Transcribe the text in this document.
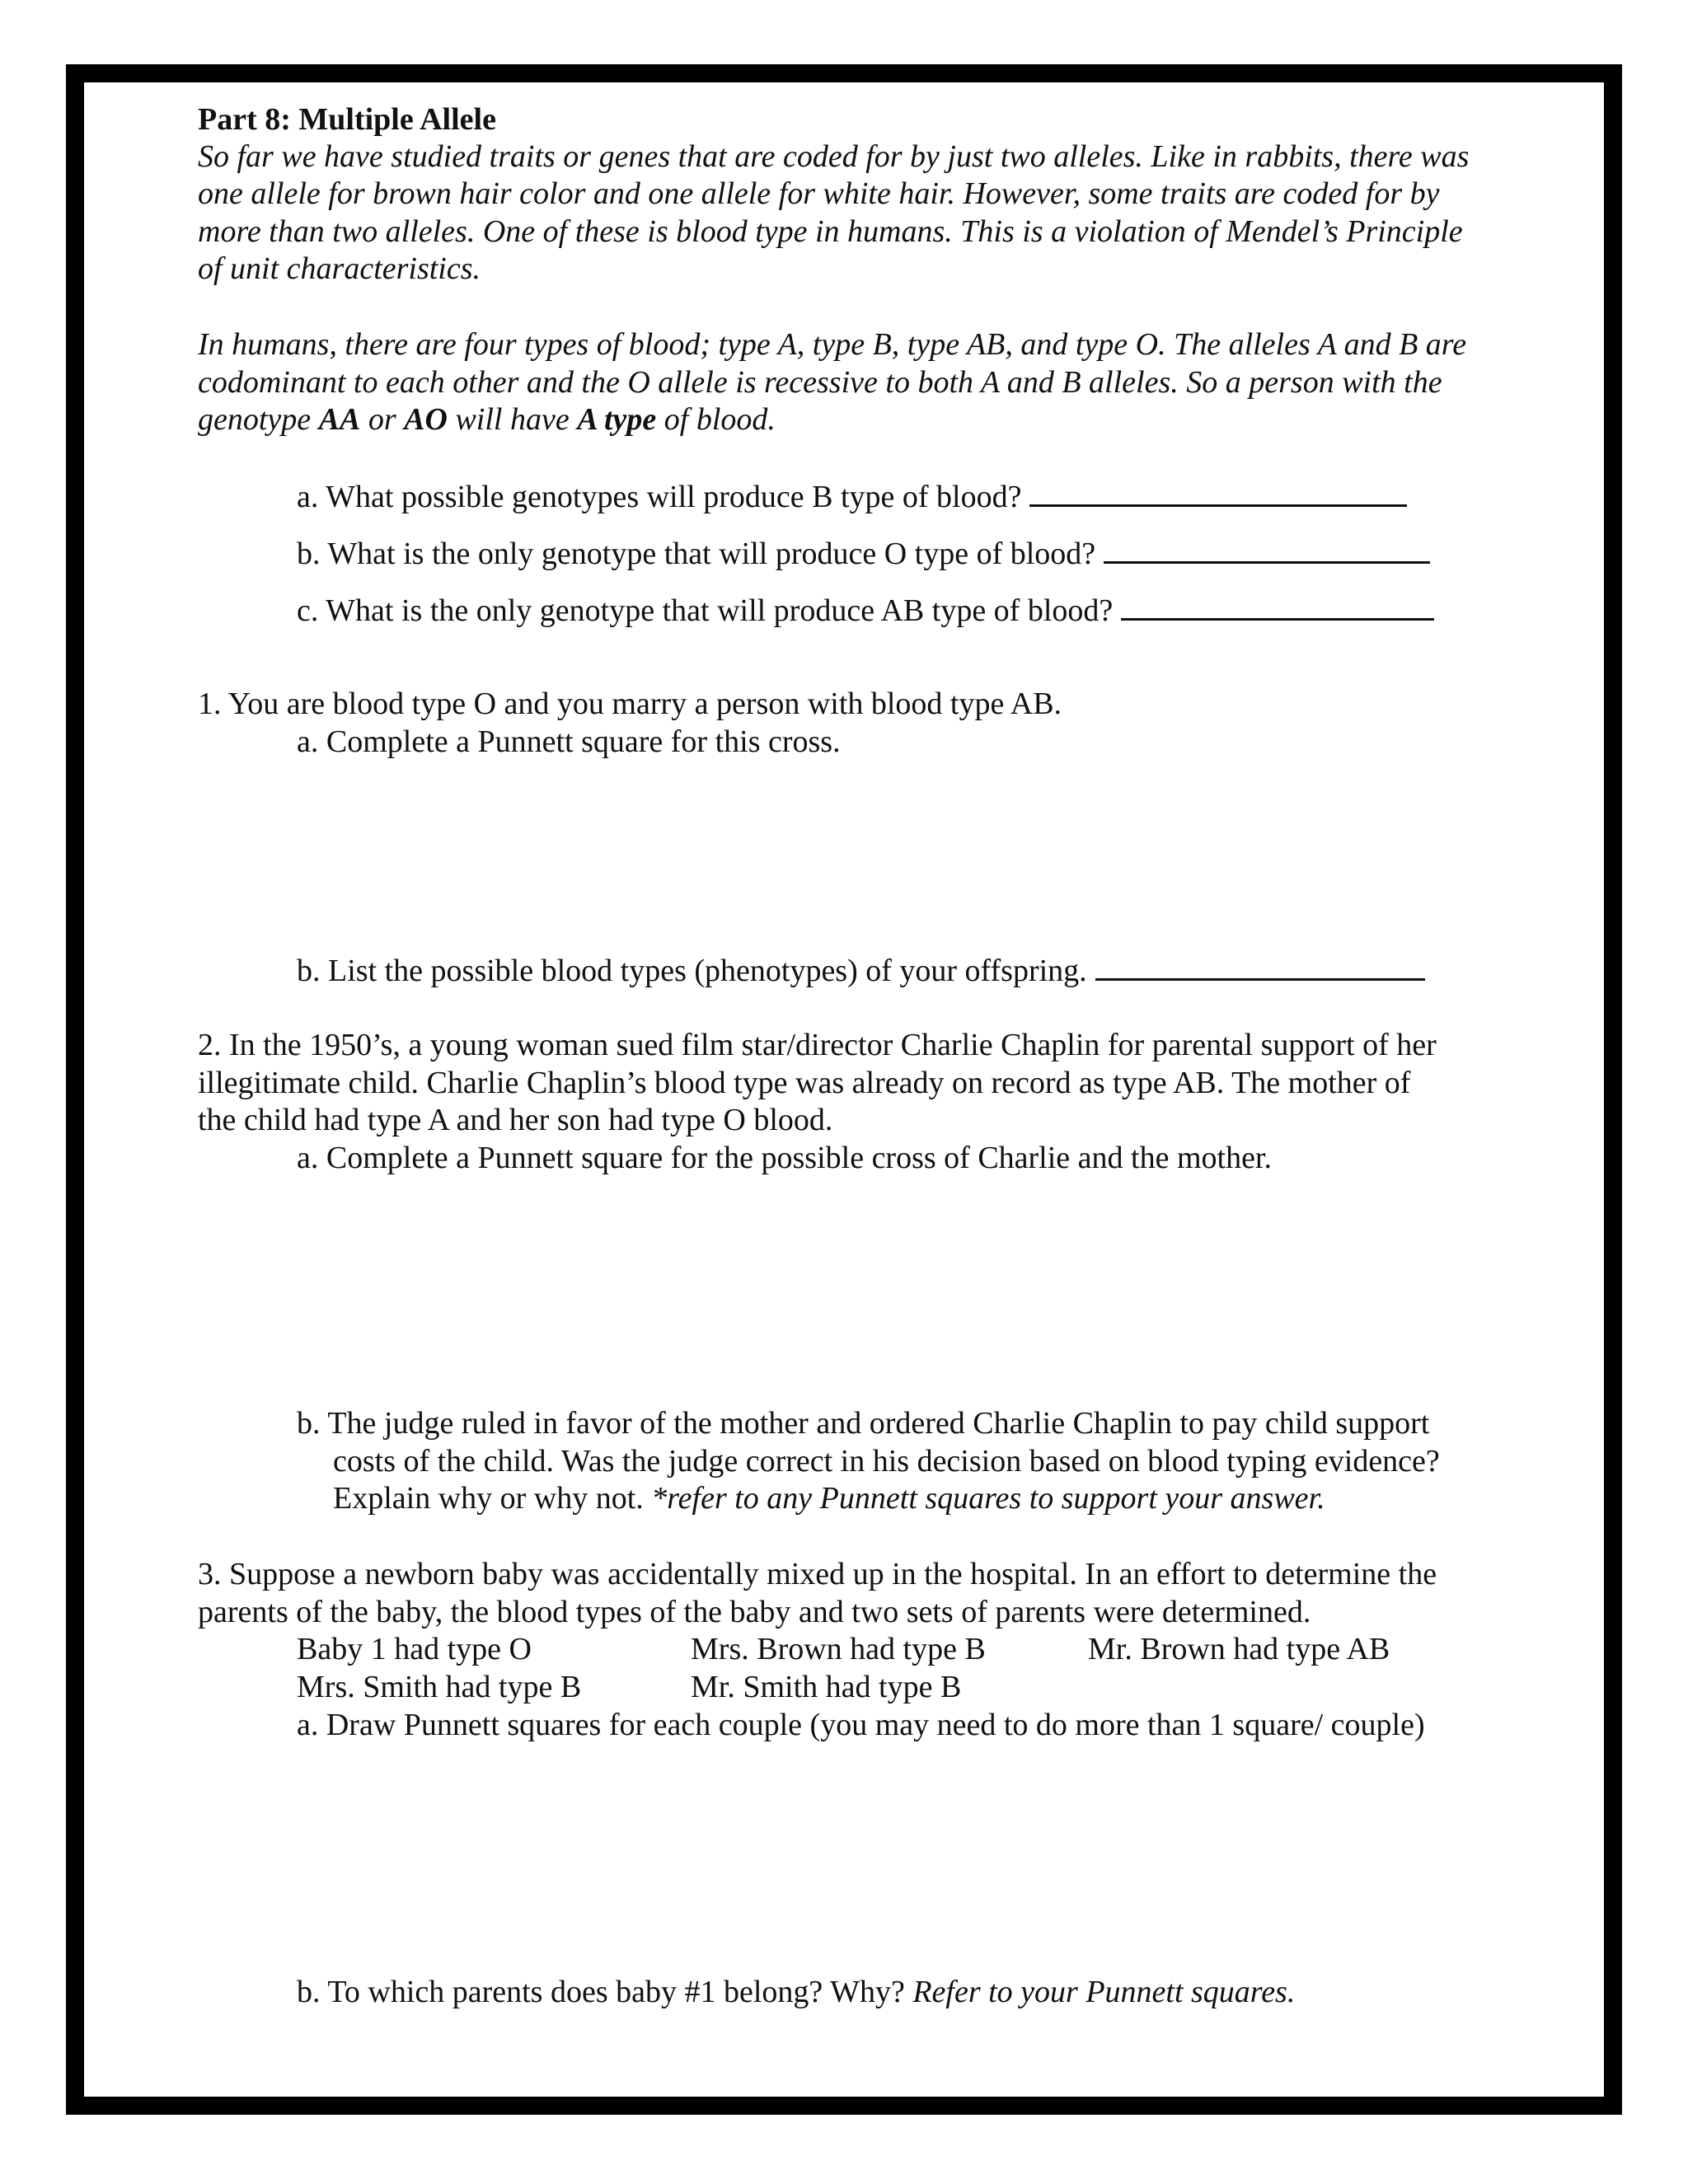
Part 8: Multiple Allele
So far we have studied traits or genes that are coded for by just two alleles. Like in rabbits, there was
one allele for brown hair color and one allele for white hair. However, some traits are coded for by
more than two alleles. One of these is blood type in humans. This is a violation of Mendel’s Principle
of unit characteristics.
In humans, there are four types of blood; type A, type B, type AB, and type O. The alleles A and B are
codominant to each other and the O allele is recessive to both A and B alleles. So a person with the
genotype AA or AO will have A type of blood.
a. What possible genotypes will produce B type of blood?
b. What is the only genotype that will produce O type of blood?
c. What is the only genotype that will produce AB type of blood?
1. You are blood type O and you marry a person with blood type AB.
a. Complete a Punnett square for this cross.
b. List the possible blood types (phenotypes) of your offspring.
2. In the 1950’s, a young woman sued film star/director Charlie Chaplin for parental support of her
illegitimate child. Charlie Chaplin’s blood type was already on record as type AB. The mother of
the child had type A and her son had type O blood.
a. Complete a Punnett square for the possible cross of Charlie and the mother.
b. The judge ruled in favor of the mother and ordered Charlie Chaplin to pay child support
costs of the child. Was the judge correct in his decision based on blood typing evidence?
Explain why or why not. *refer to any Punnett squares to support your answer.
3. Suppose a newborn baby was accidentally mixed up in the hospital. In an effort to determine the
parents of the baby, the blood types of the baby and two sets of parents were determined.
Baby 1 had type O	Mrs. Brown had type B	Mr. Brown had type AB
Mrs. Smith had type B	Mr. Smith had type B
a. Draw Punnett squares for each couple (you may need to do more than 1 square/ couple)
b. To which parents does baby #1 belong? Why? Refer to your Punnett squares.
